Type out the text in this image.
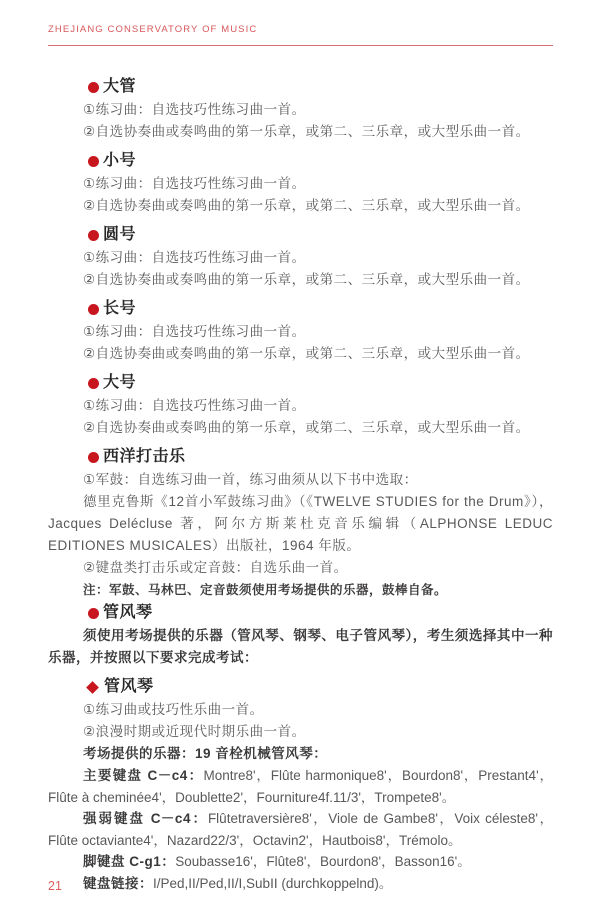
ZHEJIANG CONSERVATORY OF MUSIC
大管
①练习曲：自选技巧性练习曲一首。
②自选协奏曲或奏鸣曲的第一乐章，或第二、三乐章，或大型乐曲一首。
小号
①练习曲：自选技巧性练习曲一首。
②自选协奏曲或奏鸣曲的第一乐章，或第二、三乐章，或大型乐曲一首。
圆号
①练习曲：自选技巧性练习曲一首。
②自选协奏曲或奏鸣曲的第一乐章，或第二、三乐章，或大型乐曲一首。
长号
①练习曲：自选技巧性练习曲一首。
②自选协奏曲或奏鸣曲的第一乐章，或第二、三乐章，或大型乐曲一首。
大号
①练习曲：自选技巧性练习曲一首。
②自选协奏曲或奏鸣曲的第一乐章，或第二、三乐章，或大型乐曲一首。
西洋打击乐
①军鼓：自选练习曲一首，练习曲须从以下书中选取：
德里克鲁斯《12首小军鼓练习曲》（《TWELVE STUDIES for the Drum》），Jacques Delécluse 著，阿尔方斯莱杜克音乐编辑（ALPHONSE LEDUC EDITIONES MUSICALES）出版社，1964 年版。
②键盘类打击乐或定音鼓：自选乐曲一首。
注：军鼓、马林巴、定音鼓须使用考场提供的乐器，鼓棒自备。
管风琴
须使用考场提供的乐器（管风琴、钢琴、电子管风琴），考生须选择其中一种乐器，并按照以下要求完成考试：
管风琴
①练习曲或技巧性乐曲一首。
②浪漫时期或近现代时期乐曲一首。
考场提供的乐器：19 音栓机械管风琴：
主要键盘 C－c4：Montre8'，Flûte harmonique8'，Bourdon8'，Prestant4'，Flûte à cheminée4'，Doublette2'，Fourniture4f.11/3'，Trompete8'。
强弱键盘 C－c4：Flûtetraversière8'，Viole de Gambe8'，Voix céleste8'，Flûte octaviante4'，Nazard22/3'，Octavin2'，Hautbois8'，Trémolo。
脚键盘 C-g1：Soubasse16'，Flûte8'，Bourdon8'，Basson16'。
键盘链接：I/Ped,II/Ped,II/I,SubII (durchkoppelnd)。
21
